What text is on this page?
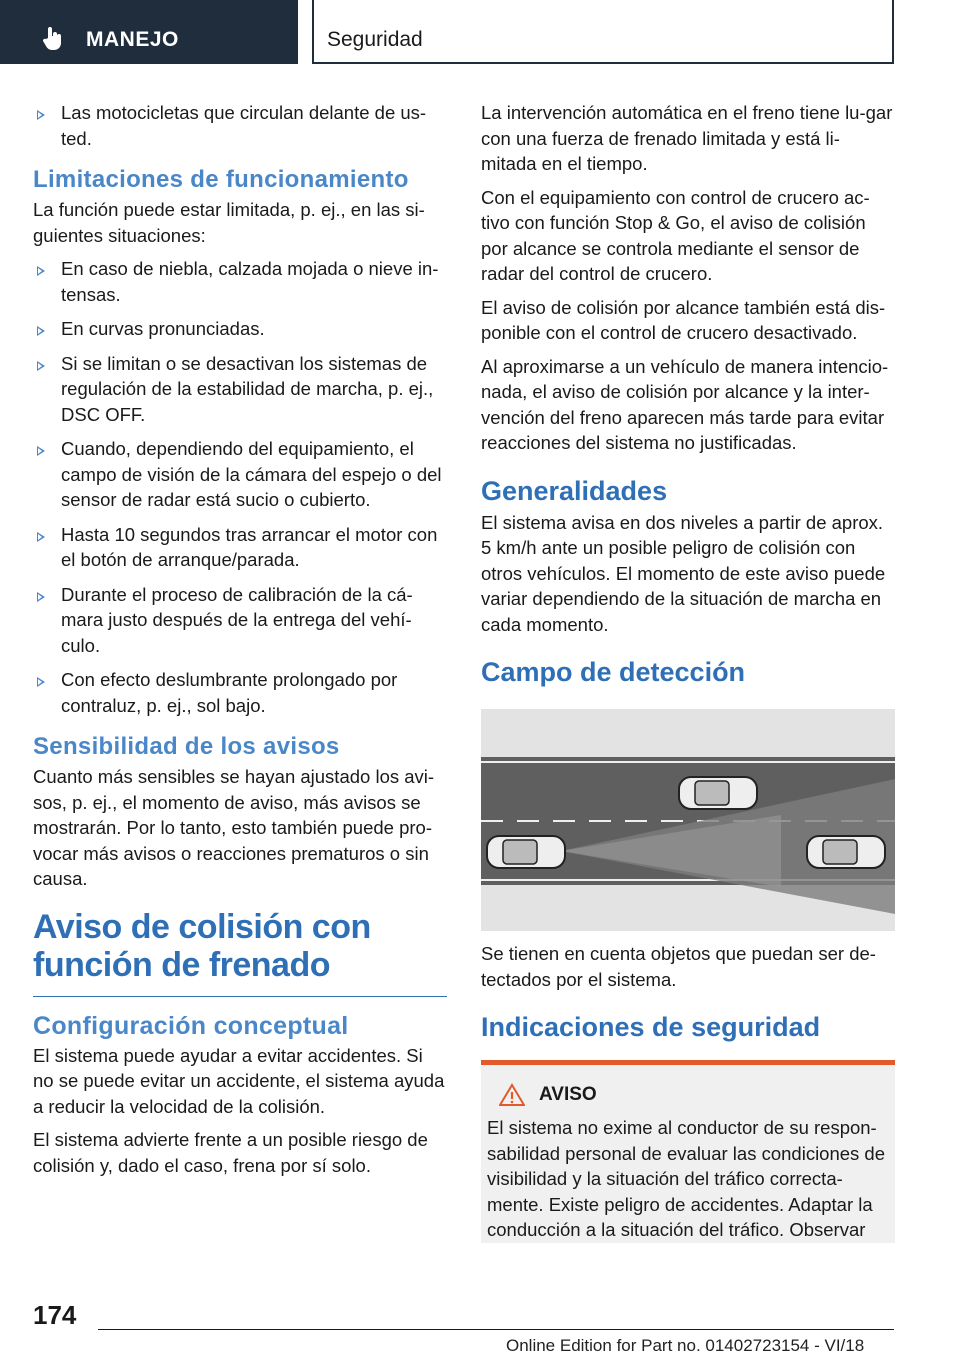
MANEJO	Seguridad
Las motocicletas que circulan delante de us-ted.
Limitaciones de funcionamiento

La función puede estar limitada, p. ej., en las si-guientes situaciones:

En caso de niebla, calzada mojada o nieve in-tensas.
En curvas pronunciadas.
Si se limitan o se desactivan los sistemas de regulación de la estabilidad de marcha, p. ej., DSC OFF.
Cuando, dependiendo del equipamiento, el campo de visión de la cámara del espejo o del sensor de radar está sucio o cubierto.
Hasta 10 segundos tras arrancar el motor con el botón de arranque/parada.
Durante el proceso de calibración de la cá-mara justo después de la entrega del vehí-culo.
Con efecto deslumbrante prolongado por contraluz, p. ej., sol bajo.
Sensibilidad de los avisos

Cuanto más sensibles se hayan ajustado los avi-sos, p. ej., el momento de aviso, más avisos se mostrarán. Por lo tanto, esto también puede pro-vocar más avisos o reacciones prematuros o sin causa.

Aviso de colisión con función de frenado
Configuración conceptual

El sistema puede ayudar a evitar accidentes. Si no se puede evitar un accidente, el sistema ayuda a reducir la velocidad de la colisión.

El sistema advierte frente a un posible riesgo de colisión y, dado el caso, frena por sí solo.

La intervención automática en el freno tiene lu-gar con una fuerza de frenado limitada y está li-mitada en el tiempo.

Con el equipamiento con control de crucero ac-tivo con función Stop & Go, el aviso de colisión por alcance se controla mediante el sensor de radar del control de crucero.

El aviso de colisión por alcance también está dis-ponible con el control de crucero desactivado.

Al aproximarse a un vehículo de manera intencio-nada, el aviso de colisión por alcance y la inter-vención del freno aparecen más tarde para evitar reacciones del sistema no justificadas.

Generalidades

El sistema avisa en dos niveles a partir de aprox. 5 km/h ante un posible peligro de colisión con otros vehículos. El momento de este aviso puede variar dependiendo de la situación de marcha en cada momento.

Campo de detección

Se tienen en cuenta objetos que puedan ser de-tectados por el sistema.

Indicaciones de seguridad
AVISO

El sistema no exime al conductor de su respon-sabilidad personal de evaluar las condiciones de visibilidad y la situación del tráfico correcta-mente. Existe peligro de accidentes. Adaptar la conducción a la situación del tráfico. Observar

174
Online Edition for Part no. 01402723154 - VI/18
